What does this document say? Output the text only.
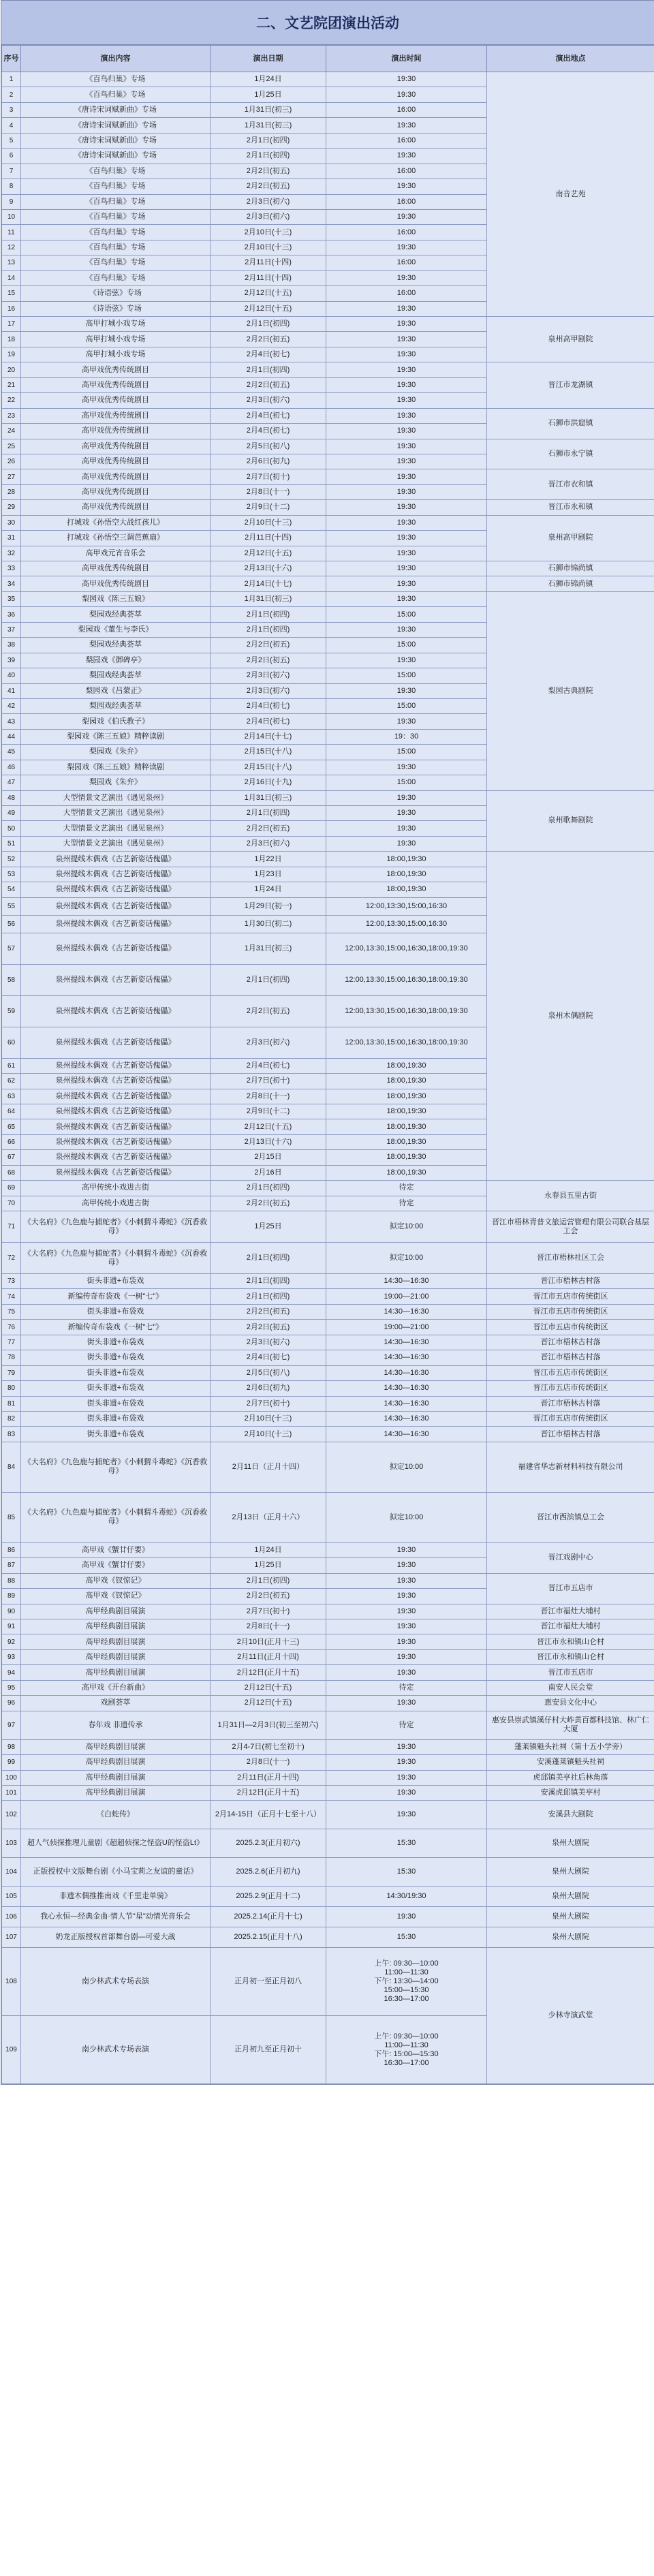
二、文艺院团演出活动
序号	演出内容	演出日期	演出时间	演出地点
1	《百鸟归巢》专场	1月24日	19:30	南音艺苑
2	《百鸟归巢》专场	1月25日	19:30	
3	《唐诗宋词赋新曲》专场	1月31日(初三)	16:00	
4	《唐诗宋词赋新曲》专场	1月31日(初三)	19:30	
5	《唐诗宋词赋新曲》专场	2月1日(初四)	16:00	
6	《唐诗宋词赋新曲》专场	2月1日(初四)	19:30	
7	《百鸟归巢》专场	2月2日(初五)	16:00	
8	《百鸟归巢》专场	2月2日(初五)	19:30	
9	《百鸟归巢》专场	2月3日(初六)	16:00	
10	《百鸟归巢》专场	2月3日(初六)	19:30	
11	《百鸟归巢》专场	2月10日(十三)	16:00	
12	《百鸟归巢》专场	2月10日(十三)	19:30	
13	《百鸟归巢》专场	2月11日(十四)	16:00	
14	《百鸟归巢》专场	2月11日(十四)	19:30	
15	《诗语弦》专场	2月12日(十五)	16:00	
16	《诗语弦》专场	2月12日(十五)	19:30	
17	高甲打城小戏专场	2月1日(初四)	19:30	泉州高甲剧院
18	高甲打城小戏专场	2月2日(初五)	19:30	
19	高甲打城小戏专场	2月4日(初七)	19:30	
20	高甲戏优秀传统剧目	2月1日(初四)	19:30	晋江市龙湖镇
21	高甲戏优秀传统剧目	2月2日(初五)	19:30	
22	高甲戏优秀传统剧目	2月3日(初六)	19:30	
23	高甲戏优秀传统剧目	2月4日(初七)	19:30	石狮市洪窟镇
24	高甲戏优秀传统剧目	2月4日(初七)	19:30	
25	高甲戏优秀传统剧目	2月5日(初八)	19:30	石狮市永宁镇
26	高甲戏优秀传统剧目	2月6日(初九)	19:30	
27	高甲戏优秀传统剧目	2月7日(初十)	19:30	晋江市衣和镇
28	高甲戏优秀传统剧目	2月8日(十一)	19:30	
29	高甲戏优秀传统剧目	2月9日(十二)	19:30	晋江市永和镇
30	打城戏《孙悟空大战红孩儿》	2月10日(十三)	19:30	泉州高甲剧院
31	打城戏《孙悟空三调芭蕉扇》	2月11日(十四)	19:30	
32	高甲戏元宵音乐会	2月12日(十五)	19:30	
33	高甲戏优秀传统剧目	2月13日(十六)	19:30	石狮市锦尚镇
34	高甲戏优秀传统剧目	2月14日(十七)	19:30	石狮市锦尚镇
35	梨园戏《陈三五娘》	1月31日(初三)	19:30	梨园古典剧院
36	梨园戏经典荟萃	2月1日(初四)	15:00	
37	梨园戏《董生与李氏》	2月1日(初四)	19:30	
38	梨园戏经典荟萃	2月2日(初五)	15:00	
39	梨园戏《御碑亭》	2月2日(初五)	19:30	
40	梨园戏经典荟萃	2月3日(初六)	15:00	
41	梨园戏《吕蒙正》	2月3日(初六)	19:30	
42	梨园戏经典荟萃	2月4日(初七)	15:00	
43	梨园戏《伯氏教子》	2月4日(初七)	19:30	
44	梨园戏《陈三五娘》精粹读剧	2月14日(十七)	19：30	
45	梨园戏《朱弁》	2月15日(十八)	15:00	
46	梨园戏《陈三五娘》精粹读剧	2月15日(十八)	19:30	
47	梨园戏《朱弁》	2月16日(十九)	15:00	
48	大型情景文艺演出《遇见泉州》	1月31日(初三)	19:30	泉州歌舞剧院
49	大型情景文艺演出《遇见泉州》	2月1日(初四)	19:30	
50	大型情景文艺演出《遇见泉州》	2月2日(初五)	19:30	
51	大型情景文艺演出《遇见泉州》	2月3日(初六)	19:30	
52	泉州提线木偶戏《古艺新姿话傀儡》	1月22日	18:00,19:30	泉州木偶剧院
53	泉州提线木偶戏《古艺新姿话傀儡》	1月23日	18:00,19:30	
54	泉州提线木偶戏《古艺新姿话傀儡》	1月24日	18:00,19:30	
55	泉州提线木偶戏《古艺新姿话傀儡》	1月29日(初一)	12:00,13:30,15:00,16:30	
56	泉州提线木偶戏《古艺新姿话傀儡》	1月30日(初二)	12:00,13:30,15:00,16:30	
57	泉州提线木偶戏《古艺新姿话傀儡》	1月31日(初三)	12:00,13:30,15:00,16:30,18:00,19:30	
58	泉州提线木偶戏《古艺新姿话傀儡》	2月1日(初四)	12:00,13:30,15:00,16:30,18:00,19:30	
59	泉州提线木偶戏《古艺新姿话傀儡》	2月2日(初五)	12:00,13:30,15:00,16:30,18:00,19:30	
60	泉州提线木偶戏《古艺新姿话傀儡》	2月3日(初六)	12:00,13:30,15:00,16:30,18:00,19:30	
61	泉州提线木偶戏《古艺新姿话傀儡》	2月4日(初七)	18:00,19:30	
62	泉州提线木偶戏《古艺新姿话傀儡》	2月7日(初十)	18:00,19:30	
63	泉州提线木偶戏《古艺新姿话傀儡》	2月8日(十一)	18:00,19:30	
64	泉州提线木偶戏《古艺新姿话傀儡》	2月9日(十二)	18:00,19:30	
65	泉州提线木偶戏《古艺新姿话傀儡》	2月12日(十五)	18:00,19:30	
66	泉州提线木偶戏《古艺新姿话傀儡》	2月13日(十六)	18:00,19:30	
67	泉州提线木偶戏《古艺新姿话傀儡》	2月15日	18:00,19:30	
68	泉州提线木偶戏《古艺新姿话傀儡》	2月16日	18:00,19:30	
69	高甲传统小戏进古街	2月1日(初四)	待定	永春县五里古街
70	高甲传统小戏进古街	2月2日(初五)	待定	
71	《大名府》《九色鹿与捕蛇者》《小刺猬斗毒蛇》《沉香救母》	1月25日	拟定10:00	晋江市梧林青普文旅运营管理有限公司联合基层工会
72	《大名府》《九色鹿与捕蛇者》《小刺猬斗毒蛇》《沉香救母》	2月1日(初四)	拟定10:00	晋江市梧林社区工会
73	街头非遗+布袋戏	2月1日(初四)	14:30—16:30	晋江市梧林古村落
74	新编传奇布袋戏《一树"七"》	2月1日(初四)	19:00—21:00	晋江市五店市传统街区
75	街头非遗+布袋戏	2月2日(初五)	14:30—16:30	晋江市五店市传统街区
76	新编传奇布袋戏《一树"七"》	2月2日(初五)	19:00—21:00	晋江市五店市传统街区
77	街头非遗+布袋戏	2月3日(初六)	14:30—16:30	晋江市梧林古村落
78	街头非遗+布袋戏	2月4日(初七)	14:30—16:30	晋江市梧林古村落
79	街头非遗+布袋戏	2月5日(初八)	14:30—16:30	晋江市五店市传统街区
80	街头非遗+布袋戏	2月6日(初九)	14:30—16:30	晋江市五店市传统街区
81	街头非遗+布袋戏	2月7日(初十)	14:30—16:30	晋江市梧林古村落
82	街头非遗+布袋戏	2月10日(十三)	14:30—16:30	晋江市五店市传统街区
83	街头非遗+布袋戏	2月10日(十三)	14:30—16:30	晋江市梧林古村落
84	《大名府》《九色鹿与捕蛇者》《小刺猬斗毒蛇》《沉香救母》	2月11日（正月十四）	拟定10:00	福建省华志新材料科技有限公司
85	《大名府》《九色鹿与捕蛇者》《小刺猬斗毒蛇》《沉香救母》	2月13日（正月十六）	拟定10:00	晋江市西滨镇总工会
86	高甲戏《蟹廿仔要》	1月24日	19:30	晋江戏剧中心
87	高甲戏《蟹廿仔要》	1月25日	19:30	
88	高甲戏《钗惊记》	2月1日(初四)	19:30	晋江市五店市
89	高甲戏《钗惊记》	2月2日(初五)	19:30	
90	高甲经典剧目展演	2月7日(初十)	19:30	晋江市福灶大埔村
91	高甲经典剧目展演	2月8日(十一)	19:30	晋江市福灶大埔村
92	高甲经典剧目展演	2月10日(正月十三)	19:30	晋江市永和镇山仑村
93	高甲经典剧目展演	2月11日(正月十四)	19:30	晋江市永和镇山仑村
94	高甲经典剧目展演	2月12日(正月十五)	19:30	晋江市五店市
95	高甲戏《开台新曲》	2月12日(十五)	待定	南安人民会堂
96	戏剧荟萃	2月12日(十五)	19:30	惠安县文化中心
97	春年戏 非遗传承	1月31日—2月3日(初三至初六)	待定	惠安县崇武镇溪仔村大岞黄百都科技馆、林广仁大厦
98	高甲经典剧目展演	2月4-7日(初七至初十)	19:30	蓬莱镇魁头社祠（第十五小学旁）
99	高甲经典剧目展演	2月8日(十一)	19:30	安溪蓬莱镇魁头社祠
100	高甲经典剧目展演	2月11日(正月十四)	19:30	虎邱镇美亭社后林角落
101	高甲经典剧目展演	2月12日(正月十五)	19:30	安溪虎邱镇美亭村
102	《白蛇传》	2月14-15日（正月十七至十八）	19:30	安溪县大剧院
103	超人气侦探推理儿童剧《超超侦探之怪盗U的怪盗Lt》	2025.2.3(正月初六)	15:30	泉州大剧院
104	正版授权中文版舞台剧《小马宝莉之友谊的童话》	2025.2.6(正月初九)	15:30	泉州大剧院
105	非遗木偶推推南戏《千里走单骑》	2025.2.9(正月十二)	14:30/19:30	泉州大剧院
106	我心永恒—经典金曲·情人节"星"动情光音乐会	2025.2.14(正月十七)	19:30	泉州大剧院
107	奶龙正版授权首部舞台剧—可爱大战	2025.2.15(正月十八)	15:30	泉州大剧院
108	南少林武术专场表演	正月初一至正月初八	上午: 09:30—10:00
11:00—11:30
下午: 13:30—14:00
15:00—15:30
16:30—17:00	少林寺演武堂
109	南少林武术专场表演	正月初九至正月初十	上午: 09:30—10:00
11:00—11:30
下午: 15:00—15:30
16:30—17:00	
